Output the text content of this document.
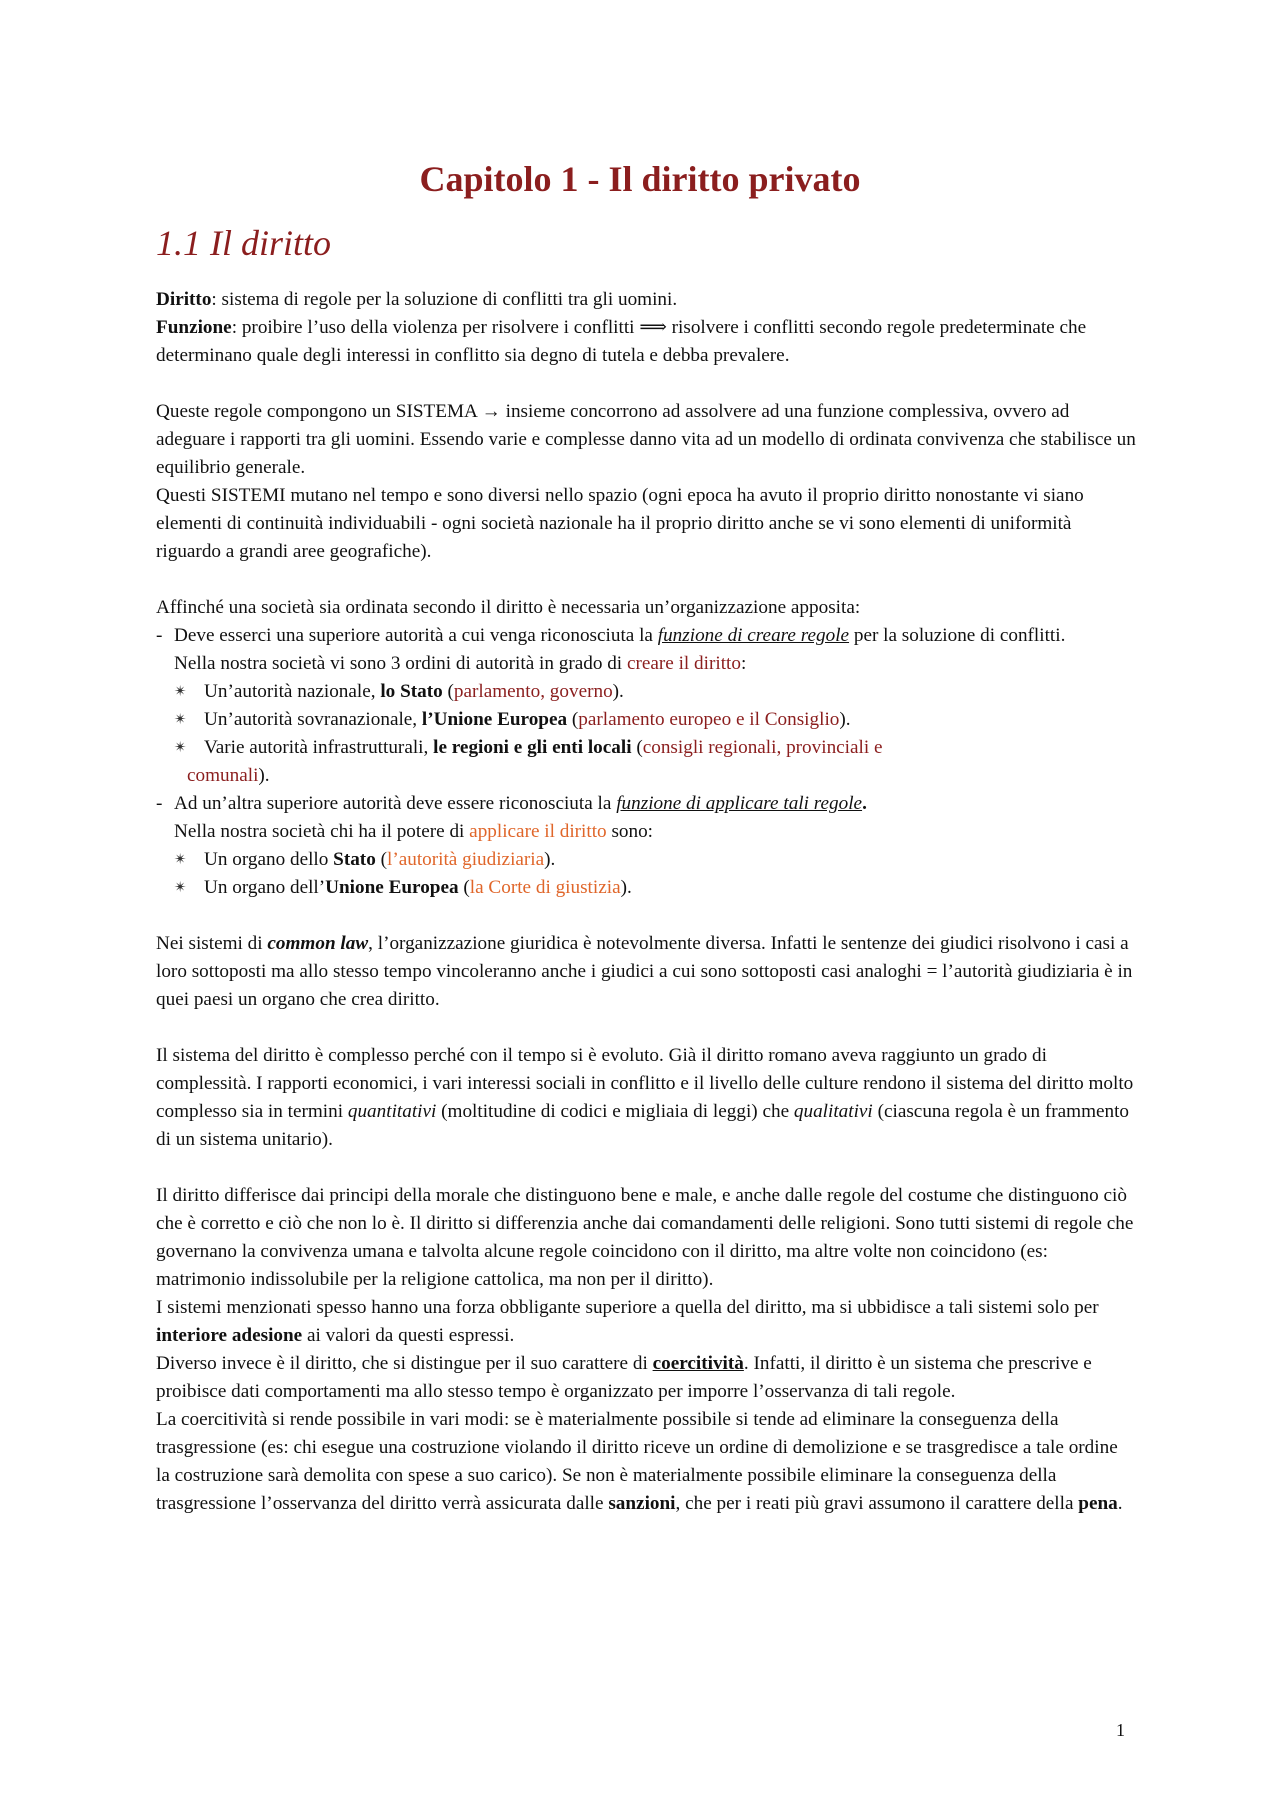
Capitolo 1 - Il diritto privato
1.1 Il diritto

Diritto: sistema di regole per la soluzione di conflitti tra gli uomini.

Funzione: proibire l’uso della violenza per risolvere i conflitti ⟹ risolvere i conflitti secondo regole predeterminate che determinano quale degli interessi in conflitto sia degno di tutela e debba prevalere.

Queste regole compongono un SISTEMA → insieme concorrono ad assolvere ad una funzione complessiva, ovvero ad adeguare i rapporti tra gli uomini. Essendo varie e complesse danno vita ad un modello di ordinata convivenza che stabilisce un equilibrio generale.

Questi SISTEMI mutano nel tempo e sono diversi nello spazio (ogni epoca ha avuto il proprio diritto nonostante vi siano elementi di continuità individuabili - ogni società nazionale ha il proprio diritto anche se vi sono elementi di uniformità riguardo a grandi aree geografiche).

Affinché una società sia ordinata secondo il diritto è necessaria un’organizzazione apposita:

- Deve esserci una superiore autorità a cui venga riconosciuta la funzione di creare regole per la soluzione di conflitti.
Nella nostra società vi sono 3 ordini di autorità in grado di creare il diritto:
✴ Un’autorità nazionale, lo Stato (parlamento, governo).
✴ Un’autorità sovranazionale, l’Unione Europea (parlamento europeo e il Consiglio).
✴ Varie autorità infrastrutturali, le regioni e gli enti locali (consigli regionali, provinciali e
comunali).
- Ad un’altra superiore autorità deve essere riconosciuta la funzione di applicare tali regole.
Nella nostra società chi ha il potere di applicare il diritto sono:
✴ Un organo dello Stato (l’autorità giudiziaria).
✴ Un organo dell’Unione Europea (la Corte di giustizia).

Nei sistemi di common law, l’organizzazione giuridica è notevolmente diversa. Infatti le sentenze dei giudici risolvono i casi a loro sottoposti ma allo stesso tempo vincoleranno anche i giudici a cui sono sottoposti casi analoghi = l’autorità giudiziaria è in quei paesi un organo che crea diritto.

Il sistema del diritto è complesso perché con il tempo si è evoluto. Già il diritto romano aveva raggiunto un grado di complessità. I rapporti economici, i vari interessi sociali in conflitto e il livello delle culture rendono il sistema del diritto molto complesso sia in termini quantitativi (moltitudine di codici e migliaia di leggi) che qualitativi (ciascuna regola è un frammento di un sistema unitario).

Il diritto differisce dai principi della morale che distinguono bene e male, e anche dalle regole del costume che distinguono ciò che è corretto e ciò che non lo è. Il diritto si differenzia anche dai comandamenti delle religioni. Sono tutti sistemi di regole che governano la convivenza umana e talvolta alcune regole coincidono con il diritto, ma altre volte non coincidono (es: matrimonio indissolubile per la religione cattolica, ma non per il diritto).

I sistemi menzionati spesso hanno una forza obbligante superiore a quella del diritto, ma si ubbidisce a tali sistemi solo per interiore adesione ai valori da questi espressi.

Diverso invece è il diritto, che si distingue per il suo carattere di coercitività. Infatti, il diritto è un sistema che prescrive e proibisce dati comportamenti ma allo stesso tempo è organizzato per imporre l’osservanza di tali regole.

La coercitività si rende possibile in vari modi: se è materialmente possibile si tende ad eliminare la conseguenza della trasgressione (es: chi esegue una costruzione violando il diritto riceve un ordine di demolizione e se trasgredisce a tale ordine la costruzione sarà demolita con spese a suo carico). Se non è materialmente possibile eliminare la conseguenza della trasgressione l’osservanza del diritto verrà assicurata dalle sanzioni, che per i reati più gravi assumono il carattere della pena.

1
